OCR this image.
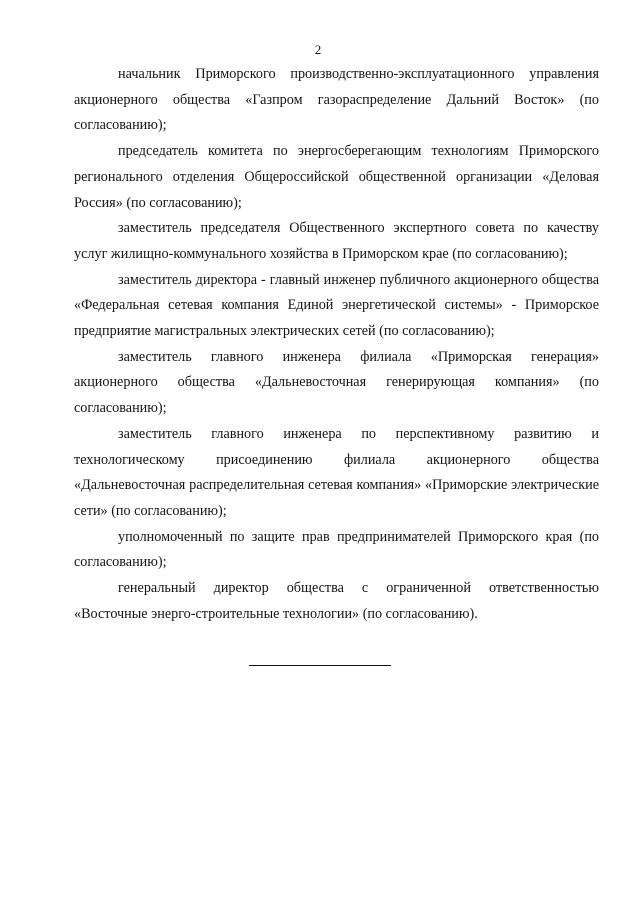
2

начальник Приморского производственно-эксплуатационного управления акционерного общества «Газпром газораспределение Дальний Восток» (по согласованию);

председатель комитета по энергосберегающим технологиям Приморского регионального отделения Общероссийской общественной организации «Деловая Россия» (по согласованию);

заместитель председателя Общественного экспертного совета по качеству услуг жилищно-коммунального хозяйства в Приморском крае (по согласованию);

заместитель директора - главный инженер публичного акционерного общества «Федеральная сетевая компания Единой энергетической системы» - Приморское предприятие магистральных электрических сетей (по согласованию);

заместитель главного инженера филиала «Приморская генерация» акционерного общества «Дальневосточная генерирующая компания» (по согласованию);

заместитель главного инженера по перспективному развитию и технологическому присоединению филиала акционерного общества «Дальневосточная распределительная сетевая компания» «Приморские электрические сети» (по согласованию);

уполномоченный по защите прав предпринимателей Приморского края (по согласованию);

генеральный директор общества с ограниченной ответственностью «Восточные энерго-строительные технологии» (по согласованию).
